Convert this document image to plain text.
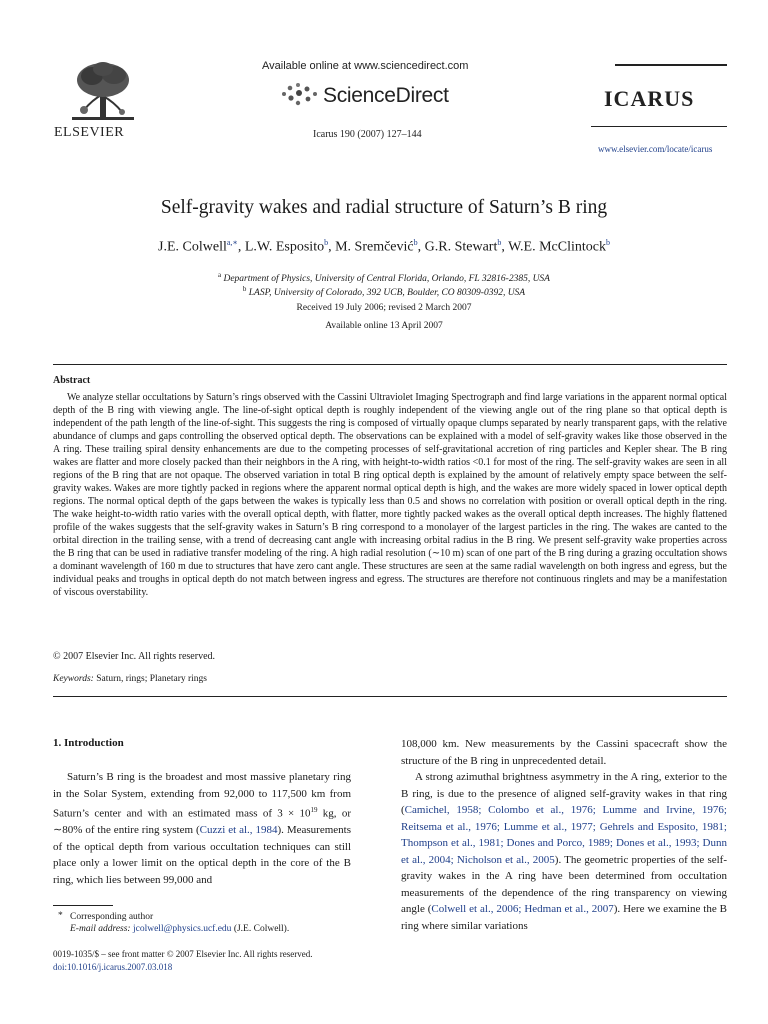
ELSEVIER
Available online at www.sciencedirect.com
ScienceDirect
Icarus 190 (2007) 127–144
ICARUS
www.elsevier.com/locate/icarus
Self-gravity wakes and radial structure of Saturn’s B ring
J.E. Colwell$^{a,∗}$, L.W. Esposito$^b$, M. Sremčević$^b$, G.R. Stewart$^b$, W.E. McClintock$^b$
$^a$ Department of Physics, University of Central Florida, Orlando, FL 32816-2385, USA
$^b$ LASP, University of Colorado, 392 UCB, Boulder, CO 80309-0392, USA
Received 19 July 2006; revised 2 March 2007
Available online 13 April 2007
Abstract
We analyze stellar occultations by Saturn’s rings observed with the Cassini Ultraviolet Imaging Spectrograph and find large variations in the apparent normal optical depth of the B ring with viewing angle. The line-of-sight optical depth is roughly independent of the viewing angle out of the ring plane so that optical depth is independent of the path length of the line-of-sight. This suggests the ring is composed of virtually opaque clumps separated by nearly transparent gaps, with the relative abundance of clumps and gaps controlling the observed optical depth. The observations can be explained with a model of self-gravity wakes like those observed in the A ring. These trailing spiral density enhancements are due to the competing processes of self-gravitational accretion of ring particles and Kepler shear. The B ring wakes are flatter and more closely packed than their neighbors in the A ring, with height-to-width ratios <0.1 for most of the ring. The self-gravity wakes are seen in all regions of the B ring that are not opaque. The observed variation in total B ring optical depth is explained by the amount of relatively empty space between the self-gravity wakes. Wakes are more tightly packed in regions where the apparent normal optical depth is high, and the wakes are more widely spaced in lower optical depth regions. The normal optical depth of the gaps between the wakes is typically less than 0.5 and shows no correlation with position or overall optical depth in the ring. The wake height-to-width ratio varies with the overall optical depth, with flatter, more tightly packed wakes as the overall optical depth increases. The highly flattened profile of the wakes suggests that the self-gravity wakes in Saturn’s B ring correspond to a monolayer of the largest particles in the ring. The wakes are canted to the orbital direction in the trailing sense, with a trend of decreasing cant angle with increasing orbital radius in the B ring. We present self-gravity wake properties across the B ring that can be used in radiative transfer modeling of the ring. A high radial resolution (∼10 m) scan of one part of the B ring during a grazing occultation shows a dominant wavelength of 160 m due to structures that have zero cant angle. These structures are seen at the same radial wavelength on both ingress and egress, but the individual peaks and troughs in optical depth do not match between ingress and egress. The structures are therefore not continuous ringlets and may be a manifestation of viscous overstability.
© 2007 Elsevier Inc. All rights reserved.
Keywords: Saturn, rings; Planetary rings
1. Introduction
Saturn’s B ring is the broadest and most massive planetary ring in the Solar System, extending from 92,000 to 117,500 km from Saturn’s center and with an estimated mass of $3 \times 10^{19}$ kg, or ∼80% of the entire ring system (Cuzzi et al., 1984). Measurements of the optical depth from various occultation techniques can still place only a lower limit on the optical depth in the core of the B ring, which lies between 99,000 and
108,000 km. New measurements by the Cassini spacecraft show the structure of the B ring in unprecedented detail.
A strong azimuthal brightness asymmetry in the A ring, exterior to the B ring, is due to the presence of aligned self-gravity wakes in that ring (Camichel, 1958; Colombo et al., 1976; Lumme and Irvine, 1976; Reitsema et al., 1976; Lumme et al., 1977; Gehrels and Esposito, 1981; Thompson et al., 1981; Dones and Porco, 1989; Dones et al., 1993; Dunn et al., 2004; Nicholson et al., 2005). The geometric properties of the self-gravity wakes in the A ring have been determined from occultation measurements of the dependence of the ring transparency on viewing angle (Colwell et al., 2006; Hedman et al., 2007). Here we examine the B ring where similar variations
* Corresponding author
E-mail address: jcolwell@physics.ucf.edu (J.E. Colwell).
0019-1035/$ – see front matter © 2007 Elsevier Inc. All rights reserved.
doi:10.1016/j.icarus.2007.03.018
